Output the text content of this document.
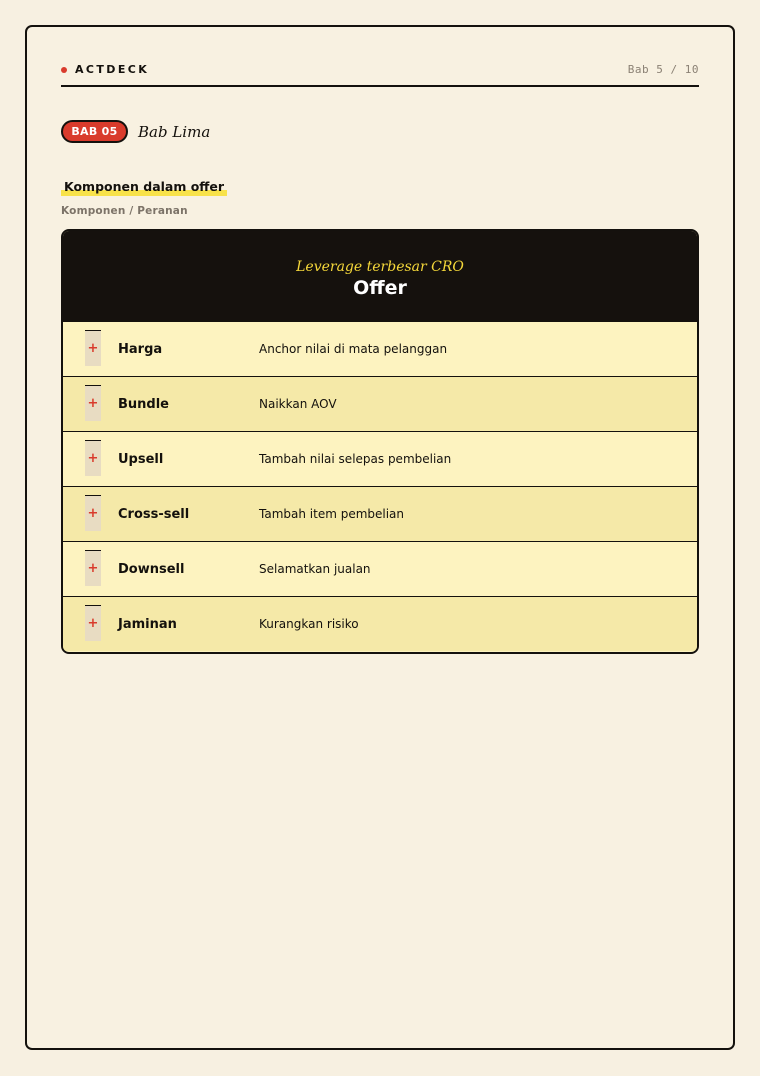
ACTDECK	Bab 5 / 10
BAB 05	Bab Lima
Komponen dalam offer
Komponen / Peranan
Leverage terbesar CRO
Offer
+ Harga	Anchor nilai di mata pelanggan
+ Bundle	Naikkan AOV
+ Upsell	Tambah nilai selepas pembelian
+ Cross-sell	Tambah item pembelian
+ Downsell	Selamatkan jualan
+ Jaminan	Kurangkan risiko
